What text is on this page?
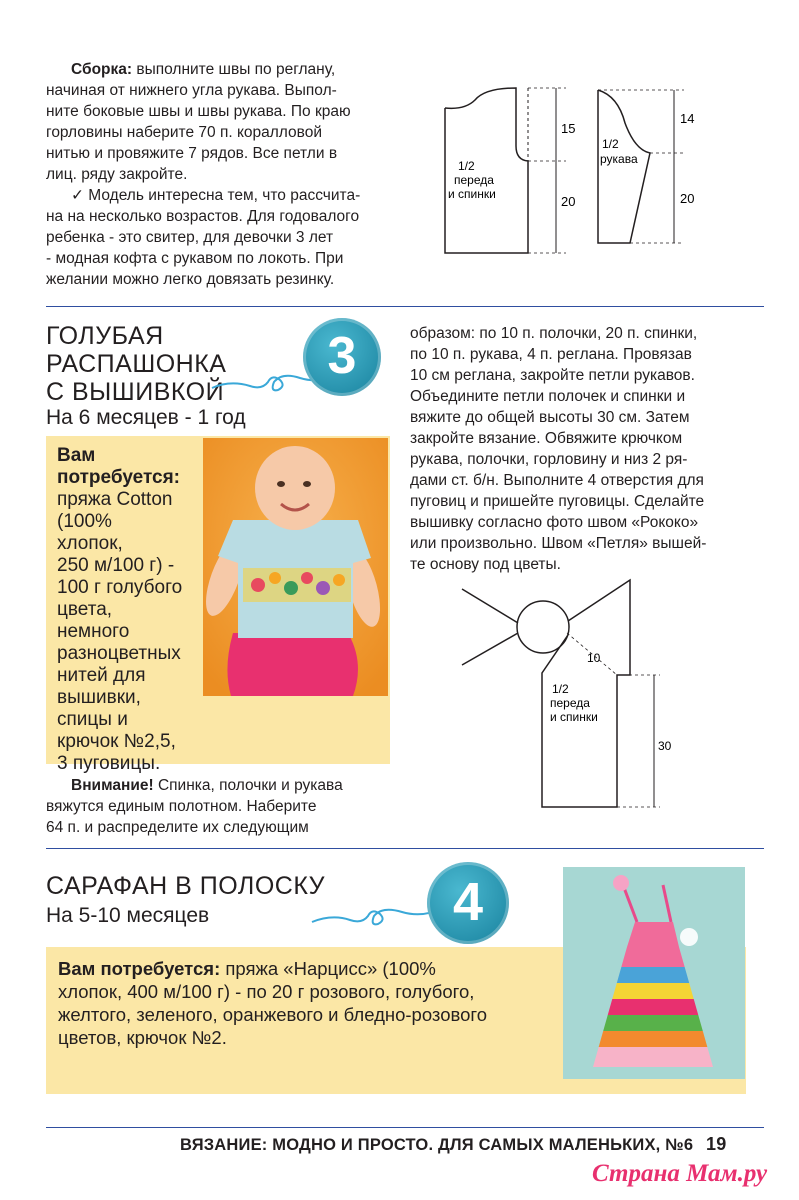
Сборка: выполните швы по реглану,
начиная от нижнего угла рукава. Выпол-
ните боковые швы и швы рукава. По краю
горловины наберите 70 п. коралловой
нитью и провяжите 7 рядов. Все петли в
лиц. ряду закройте.
✓ Модель интересна тем, что рассчита-
на на несколько возрастов. Для годовалого
ребенка - это свитер, для девочки 3 лет
- модная кофта с рукавом по локоть. При
желании можно легко довязать резинку.
1/2
переда
и спинки
15
20
1/2
рукава
14
20
ГОЛУБАЯ
РАСПАШОНКА
С ВЫШИВКОЙ
На 6 месяцев - 1 год
3
Вам
потребуется:
пряжа Cotton
(100%
хлопок,
250 м/100 г) -
100 г голубого
цвета,
немного
разноцветных
нитей для
вышивки,
спицы и
крючок №2,5,
3 пуговицы.
Внимание! Спинка, полочки и рукава
вяжутся единым полотном. Наберите
64 п. и распределите их следующим
образом: по 10 п. полочки, 20 п. спинки,
по 10 п. рукава, 4 п. реглана. Провязав
10 см реглана, закройте петли рукавов.
Объедините петли полочек и спинки и
вяжите до общей высоты 30 см. Затем
закройте вязание. Обвяжите крючком
рукава, полочки, горловину и низ 2 ря-
дами ст. б/н. Выполните 4 отверстия для
пуговиц и пришейте пуговицы. Сделайте
вышивку согласно фото швом «Рококо»
или произвольно. Швом «Петля» вышей-
те основу под цветы.
10
30
1/2
переда
и спинки
САРАФАН В ПОЛОСКУ
На 5-10 месяцев	4
Вам потребуется: пряжа «Нарцисс» (100%
хлопок, 400 м/100 г) - по 20 г розового, голубого,
желтого, зеленого, оранжевого и бледно-розового
цветов, крючок №2.
ВЯЗАНИЕ: МОДНО И ПРОСТО. ДЛЯ САМЫХ МАЛЕНЬКИХ, №6 19
Страна Мам.ру
